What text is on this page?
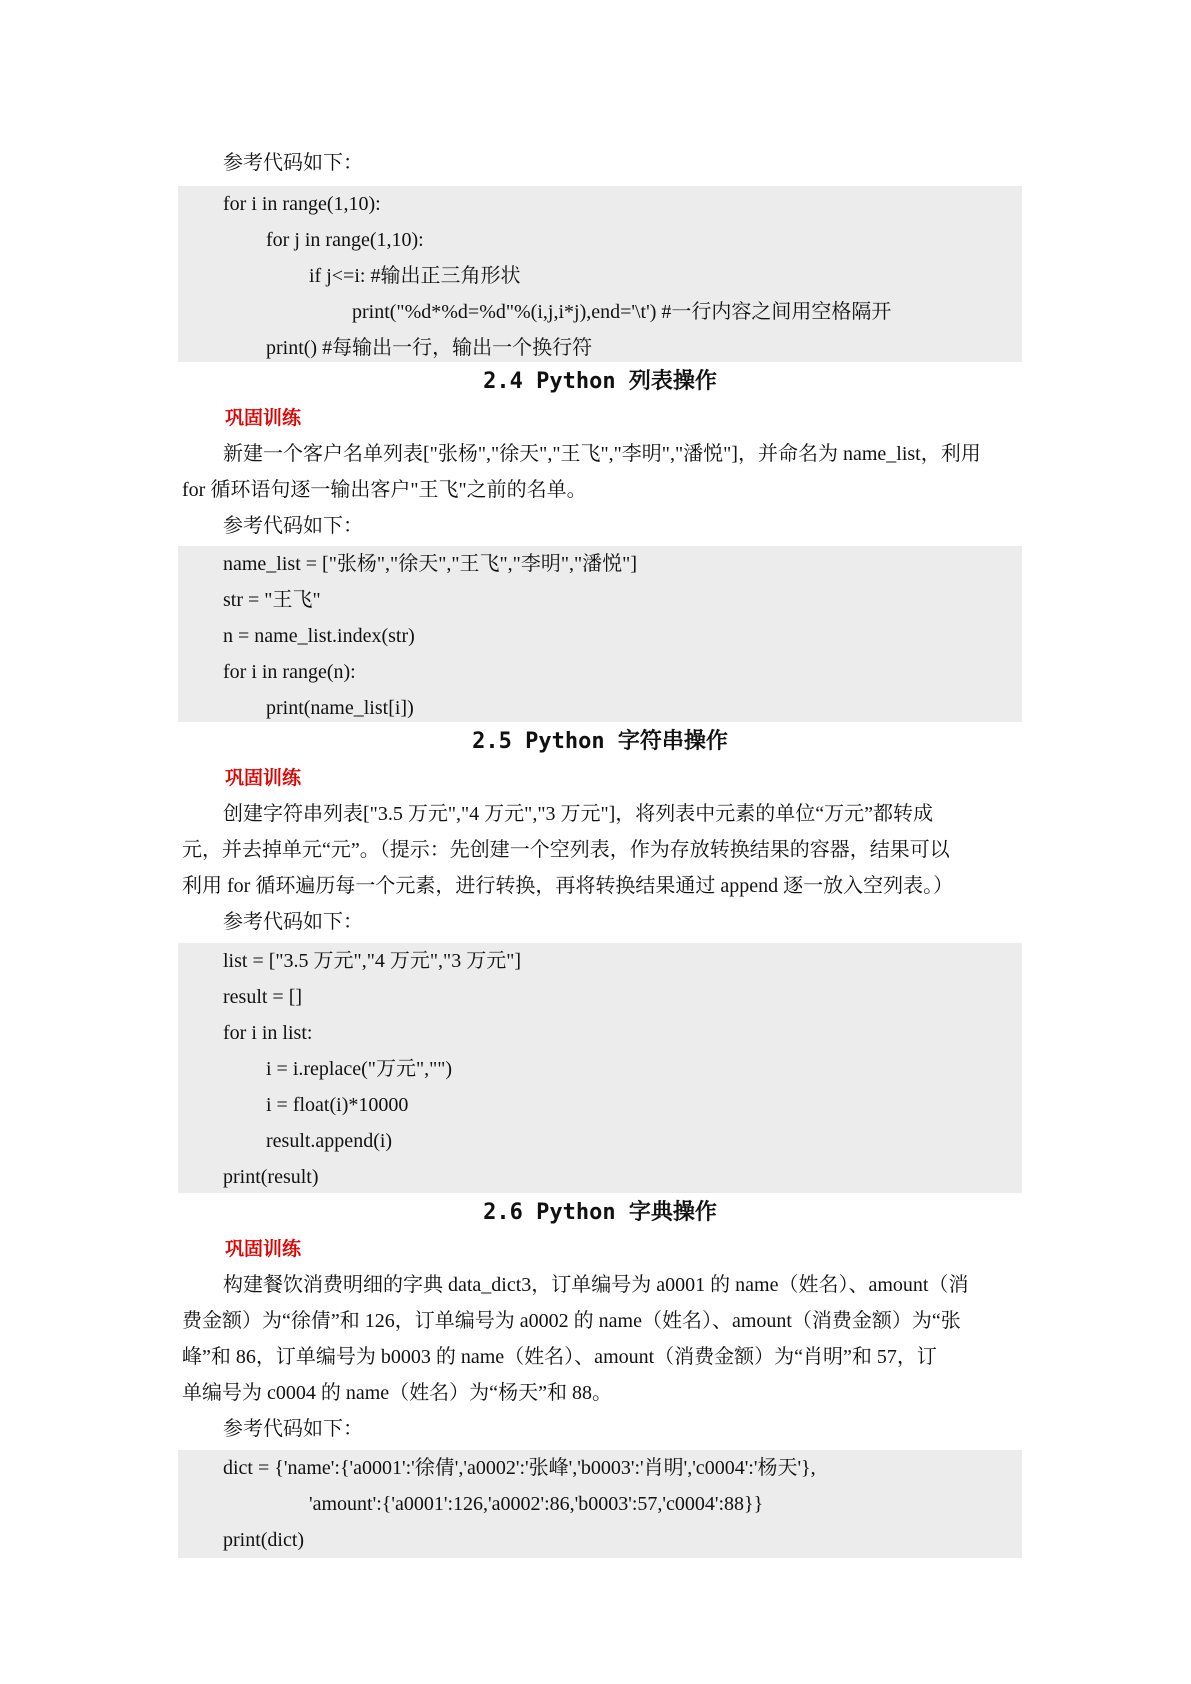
参考代码如下：
for i in range(1,10):
for j in range(1,10):
if j<=i: #输出正三角形状
print("%d*%d=%d"%(i,j,i*j),end='\t') #一行内容之间用空格隔开
print() #每输出一行，输出一个换行符
2.4 Python 列表操作
巩固训练
新建一个客户名单列表["张杨","徐天","王飞","李明","潘悦"]，并命名为 name_list，利用
for 循环语句逐一输出客户"王飞"之前的名单。
参考代码如下：
name_list = ["张杨","徐天","王飞","李明","潘悦"]
str = "王飞"
n = name_list.index(str)
for i in range(n):
print(name_list[i])
2.5 Python 字符串操作
巩固训练
创建字符串列表["3.5 万元","4 万元","3 万元"]，将列表中元素的单位“万元”都转成
元，并去掉单元“元”。（提示：先创建一个空列表，作为存放转换结果的容器，结果可以
利用 for 循环遍历每一个元素，进行转换，再将转换结果通过 append 逐一放入空列表。）
参考代码如下：
list = ["3.5 万元","4 万元","3 万元"]
result = []
for i in list:
i = i.replace("万元","")
i = float(i)*10000
result.append(i)
print(result)
2.6 Python 字典操作
巩固训练
构建餐饮消费明细的字典 data_dict3，订单编号为 a0001 的 name（姓名）、amount（消
费金额）为“徐倩”和 126，订单编号为 a0002 的 name（姓名）、amount（消费金额）为“张
峰”和 86，订单编号为 b0003 的 name（姓名）、amount（消费金额）为“肖明”和 57，订
单编号为 c0004 的 name（姓名）为“杨天”和 88。
参考代码如下：
dict = {'name':{'a0001':'徐倩','a0002':'张峰','b0003':'肖明','c0004':'杨天'},
'amount':{'a0001':126,'a0002':86,'b0003':57,'c0004':88}}
print(dict)
